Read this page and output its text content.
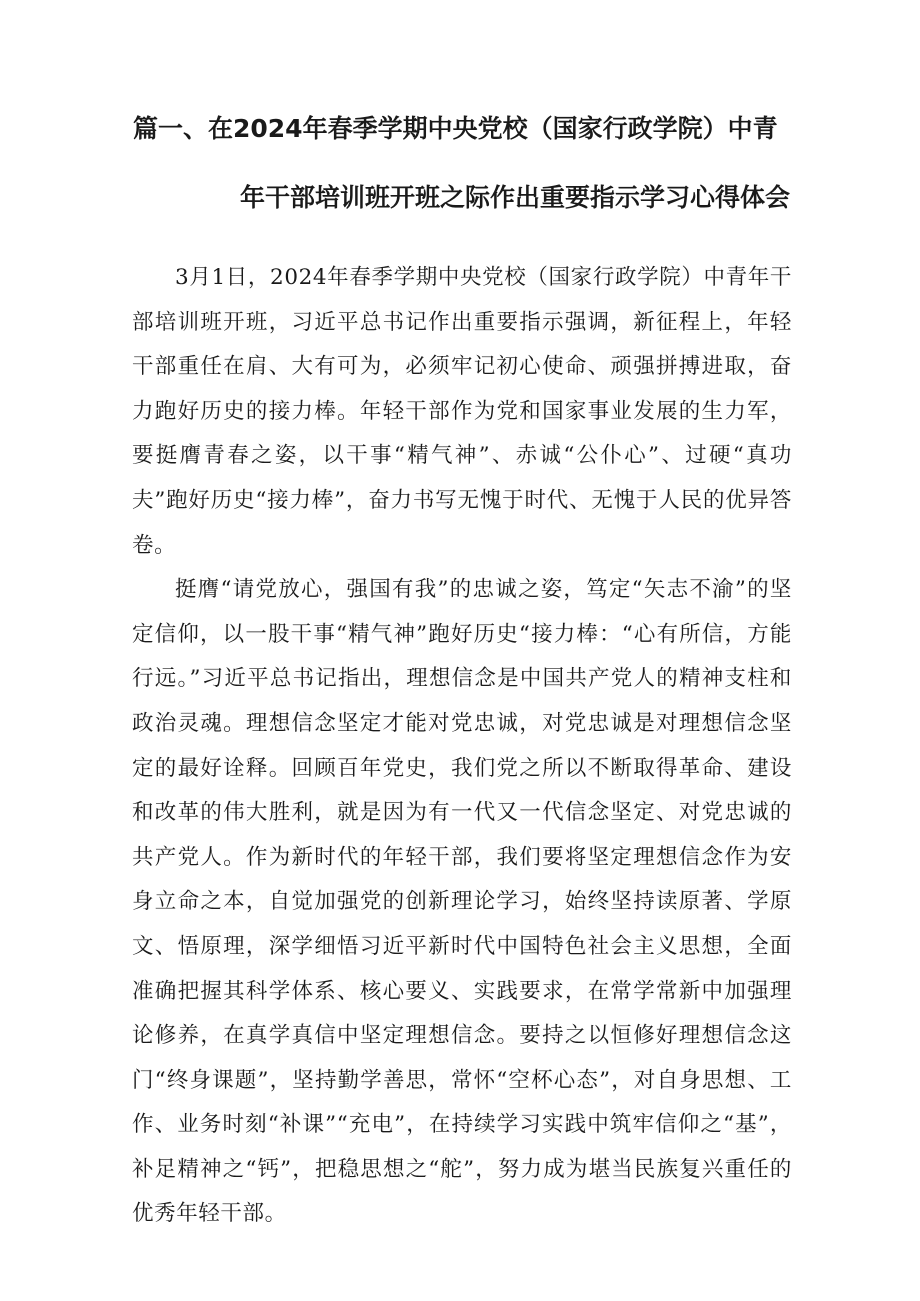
篇一、在2024年春季学期中央党校（国家行政学院）中青
年干部培训班开班之际作出重要指示学习心得体会

3月1日，2024年春季学期中央党校（国家行政学院）中青年干部培训班开班，习近平总书记作出重要指示强调，新征程上，年轻干部重任在肩、大有可为，必须牢记初心使命、顽强拼搏进取，奋力跑好历史的接力棒。年轻干部作为党和国家事业发展的生力军，要挺膺青春之姿，以干事“精气神”、赤诚“公仆心”、过硬“真功夫”跑好历史“接力棒”，奋力书写无愧于时代、无愧于人民的优异答卷。

挺膺“请党放心，强国有我”的忠诚之姿，笃定“矢志不渝”的坚定信仰，以一股干事“精气神”跑好历史“接力棒：“心有所信，方能行远。”习近平总书记指出，理想信念是中国共产党人的精神支柱和政治灵魂。理想信念坚定才能对党忠诚，对党忠诚是对理想信念坚定的最好诠释。回顾百年党史，我们党之所以不断取得革命、建设和改革的伟大胜利，就是因为有一代又一代信念坚定、对党忠诚的共产党人。作为新时代的年轻干部，我们要将坚定理想信念作为安身立命之本，自觉加强党的创新理论学习，始终坚持读原著、学原文、悟原理，深学细悟习近平新时代中国特色社会主义思想，全面准确把握其科学体系、核心要义、实践要求，在常学常新中加强理论修养，在真学真信中坚定理想信念。要持之以恒修好理想信念这门“终身课题”，坚持勤学善思，常怀“空杯心态”，对自身思想、工作、业务时刻“补课”“充电”，在持续学习实践中筑牢信仰之“基”，补足精神之“钙”，把稳思想之“舵”，努力成为堪当民族复兴重任的优秀年轻干部。
